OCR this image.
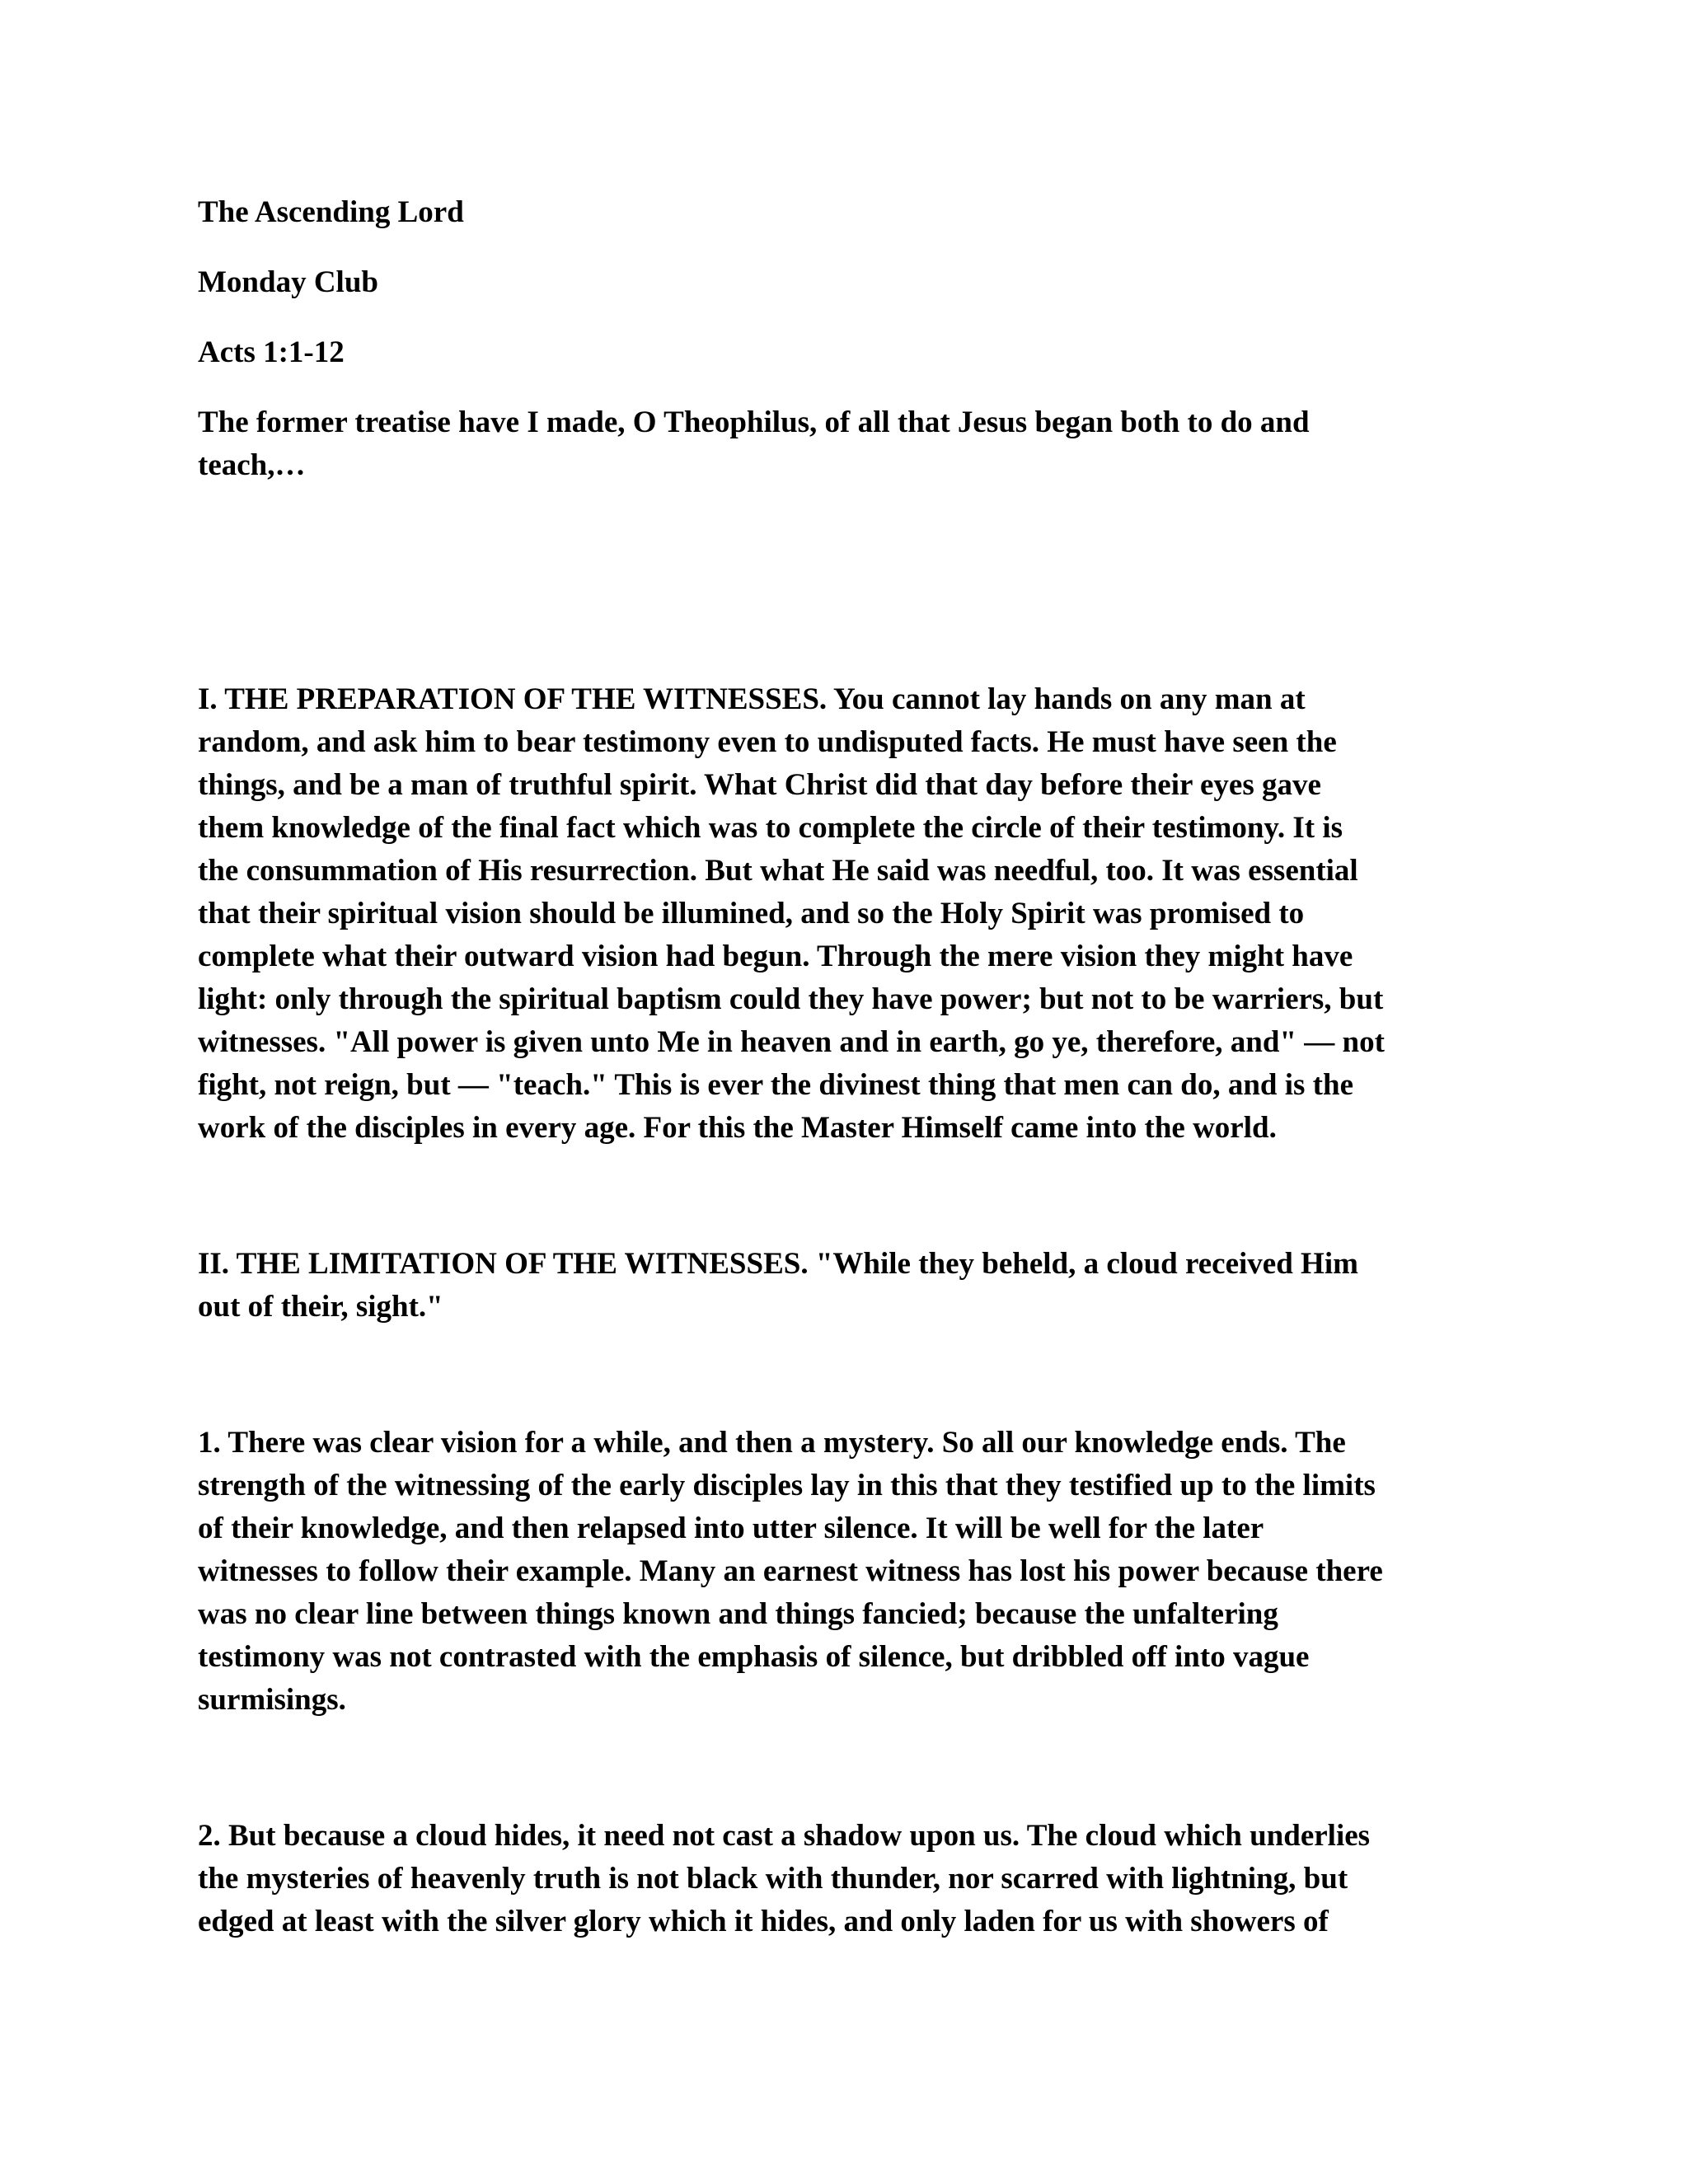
The Ascending Lord

Monday Club

Acts 1:1-12

The former treatise have I made, O Theophilus, of all that Jesus began both to do and
teach,…

I. THE PREPARATION OF THE WITNESSES. You cannot lay hands on any man at
random, and ask him to bear testimony even to undisputed facts. He must have seen the
things, and be a man of truthful spirit. What Christ did that day before their eyes gave
them knowledge of the final fact which was to complete the circle of their testimony. It is
the consummation of His resurrection. But what He said was needful, too. It was essential
that their spiritual vision should be illumined, and so the Holy Spirit was promised to
complete what their outward vision had begun. Through the mere vision they might have
light: only through the spiritual baptism could they have power; but not to be warriers, but
witnesses. "All power is given unto Me in heaven and in earth, go ye, therefore, and" — not
fight, not reign, but — "teach." This is ever the divinest thing that men can do, and is the
work of the disciples in every age. For this the Master Himself came into the world.

II. THE LIMITATION OF THE WITNESSES. "While they beheld, a cloud received Him
out of their, sight."

1. There was clear vision for a while, and then a mystery. So all our knowledge ends. The
strength of the witnessing of the early disciples lay in this that they testified up to the limits
of their knowledge, and then relapsed into utter silence. It will be well for the later
witnesses to follow their example. Many an earnest witness has lost his power because there
was no clear line between things known and things fancied; because the unfaltering
testimony was not contrasted with the emphasis of silence, but dribbled off into vague
surmisings.

2. But because a cloud hides, it need not cast a shadow upon us. The cloud which underlies
the mysteries of heavenly truth is not black with thunder, nor scarred with lightning, but
edged at least with the silver glory which it hides, and only laden for us with showers of
